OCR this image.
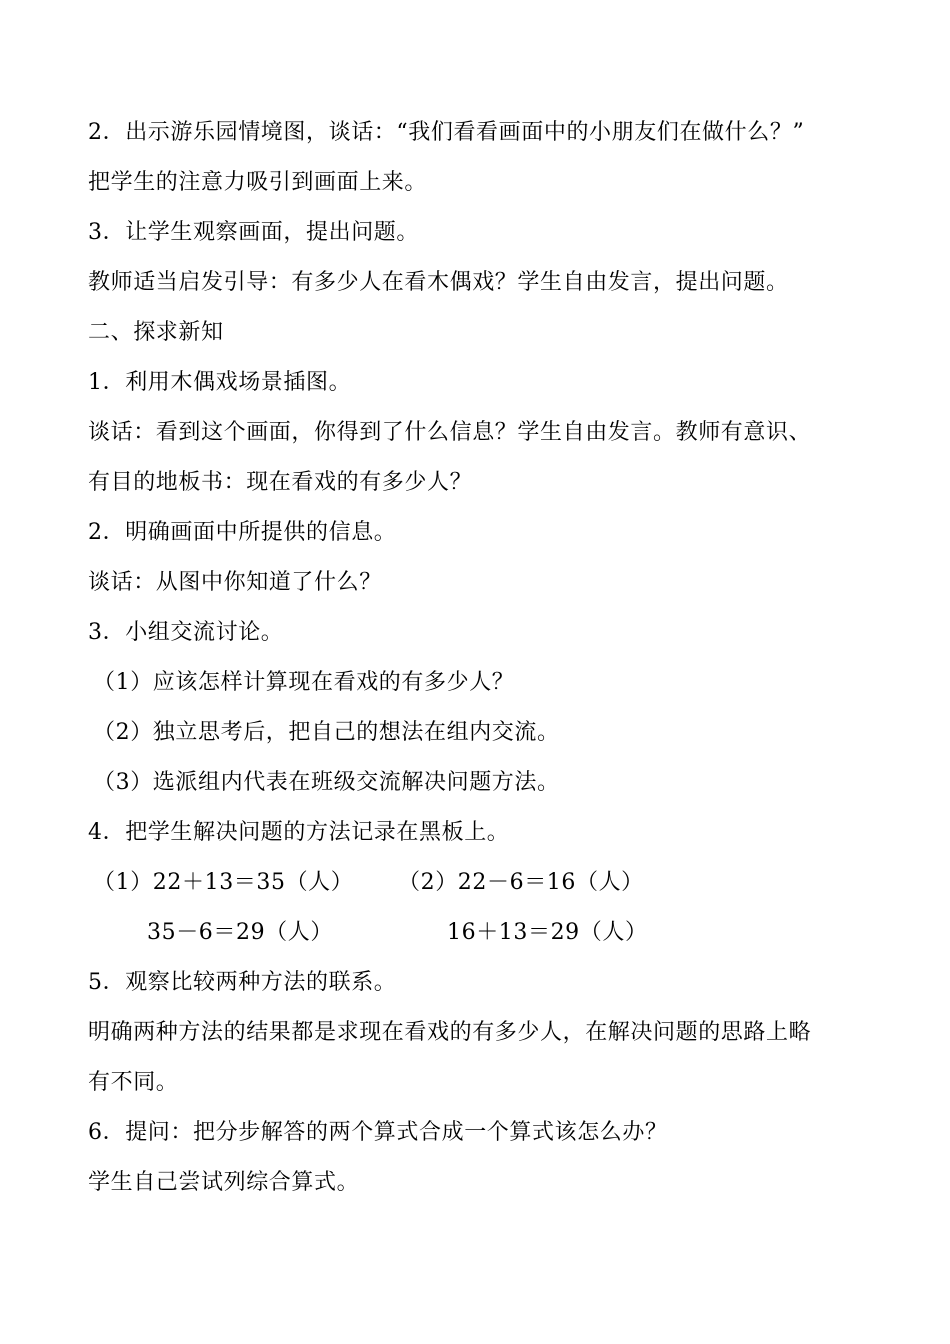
2．出示游乐园情境图，谈话：“我们看看画面中的小朋友们在做什么？”
把学生的注意力吸引到画面上来。
3．让学生观察画面，提出问题。
教师适当启发引导：有多少人在看木偶戏？学生自由发言，提出问题。
二、探求新知
1．利用木偶戏场景插图。
谈话：看到这个画面，你得到了什么信息？学生自由发言。教师有意识、
有目的地板书：现在看戏的有多少人？
2．明确画面中所提供的信息。
谈话：从图中你知道了什么？
3．小组交流讨论。
（1）应该怎样计算现在看戏的有多少人？
（2）独立思考后，把自己的想法在组内交流。
（3）选派组内代表在班级交流解决问题方法。
4．把学生解决问题的方法记录在黑板上。
（1）22＋13＝35（人） （2）22－6＝16（人）
35－6＝29（人）	16＋13＝29（人）
5．观察比较两种方法的联系。
明确两种方法的结果都是求现在看戏的有多少人，在解决问题的思路上略
有不同。
6．提问：把分步解答的两个算式合成一个算式该怎么办？
学生自己尝试列综合算式。
